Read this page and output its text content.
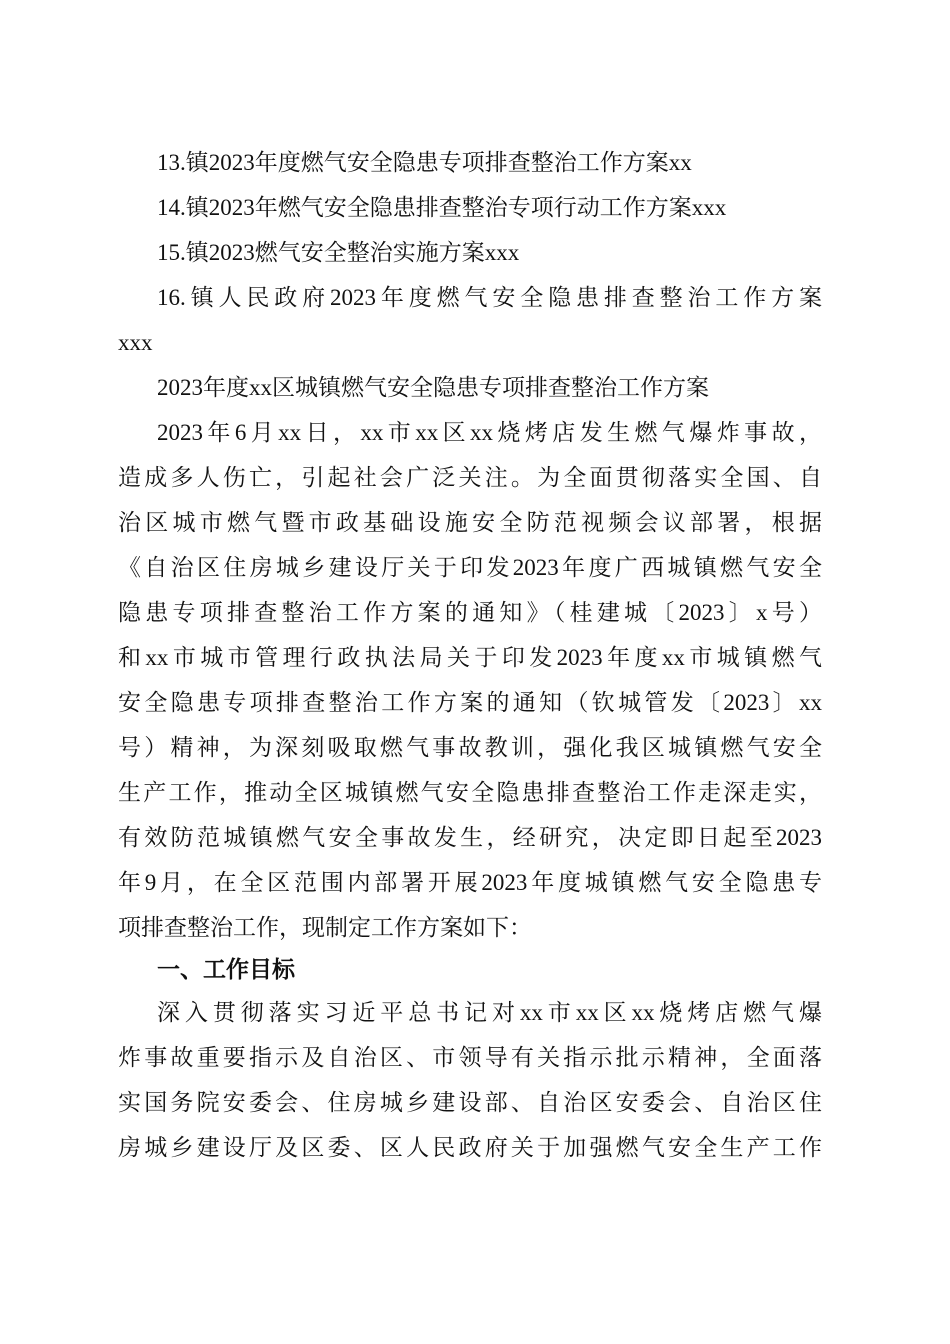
13.镇2023年度燃气安全隐患专项排查整治工作方案xx
14.镇2023年燃气安全隐患排查整治专项行动工作方案xxx
15.镇2023燃气安全整治实施方案xxx
16.镇人民政府2023年度燃气安全隐患排查整治工作方案
xxx
2023年度xx区城镇燃气安全隐患专项排查整治工作方案
2023年6月xx日，xx市xx区xx烧烤店发生燃气爆炸事故，
造成多人伤亡，引起社会广泛关注。为全面贯彻落实全国、自
治区城市燃气暨市政基础设施安全防范视频会议部署，根据
《自治区住房城乡建设厅关于印发2023年度广西城镇燃气安全
隐患专项排查整治工作方案的通知》（桂建城〔2023〕x号）
和xx市城市管理行政执法局关于印发2023年度xx市城镇燃气
安全隐患专项排查整治工作方案的通知（钦城管发〔2023〕xx
号）精神，为深刻吸取燃气事故教训，强化我区城镇燃气安全
生产工作，推动全区城镇燃气安全隐患排查整治工作走深走实，
有效防范城镇燃气安全事故发生，经研究，决定即日起至2023
年9月，在全区范围内部署开展2023年度城镇燃气安全隐患专
项排查整治工作，现制定工作方案如下：
一、工作目标
深入贯彻落实习近平总书记对xx市xx区xx烧烤店燃气爆
炸事故重要指示及自治区、市领导有关指示批示精神，全面落
实国务院安委会、住房城乡建设部、自治区安委会、自治区住
房城乡建设厅及区委、区人民政府关于加强燃气安全生产工作
